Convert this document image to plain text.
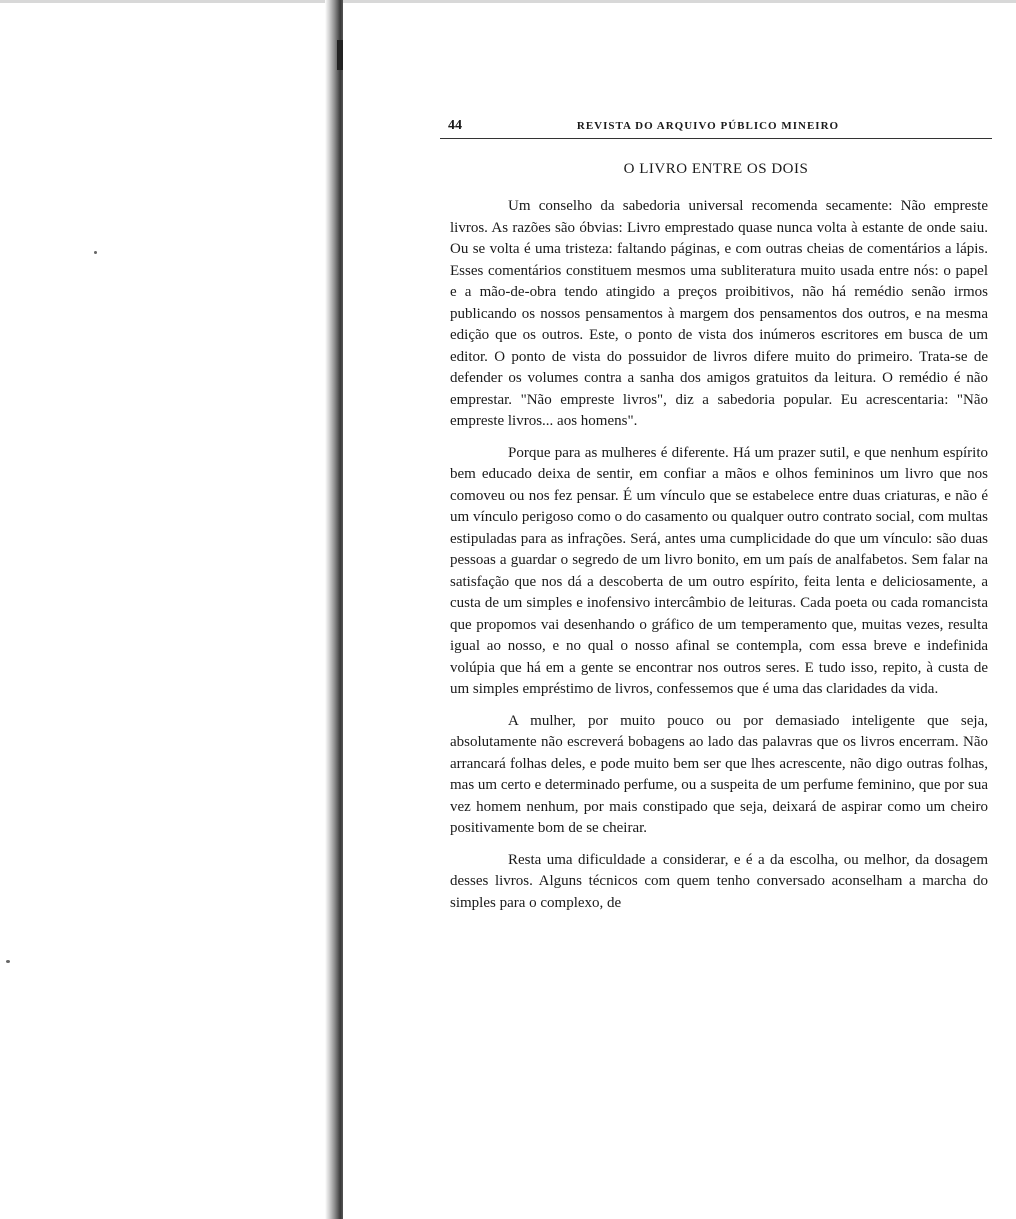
44	REVISTA DO ARQUIVO PÚBLICO MINEIRO
O LIVRO ENTRE OS DOIS

Um conselho da sabedoria universal recomenda secamente: Não empreste livros. As razões são óbvias: Livro emprestado quase nunca volta à estante de onde saiu. Ou se volta é uma tristeza: faltando páginas, e com outras cheias de comentários a lápis. Esses comentários constituem mesmos uma subliteratura muito usada entre nós: o papel e a mão-de-obra tendo atingido a preços proibitivos, não há remédio senão irmos publicando os nossos pensamentos à margem dos pensamentos dos outros, e na mesma edição que os outros. Este, o ponto de vista dos inúmeros escritores em busca de um editor. O ponto de vista do possuidor de livros difere muito do primeiro. Trata-se de defender os volumes contra a sanha dos amigos gratuitos da leitura. O remédio é não emprestar. "Não empreste livros", diz a sabedoria popular. Eu acrescentaria: "Não empreste livros... aos homens".

Porque para as mulheres é diferente. Há um prazer sutil, e que nenhum espírito bem educado deixa de sentir, em confiar a mãos e olhos femininos um livro que nos comoveu ou nos fez pensar. É um vínculo que se estabelece entre duas criaturas, e não é um vínculo perigoso como o do casamento ou qualquer outro contrato social, com multas estipuladas para as infrações. Será, antes uma cumplicidade do que um vínculo: são duas pessoas a guardar o segredo de um livro bonito, em um país de analfabetos. Sem falar na satisfação que nos dá a descoberta de um outro espírito, feita lenta e deliciosamente, a custa de um simples e inofensivo intercâmbio de leituras. Cada poeta ou cada romancista que propomos vai desenhando o gráfico de um temperamento que, muitas vezes, resulta igual ao nosso, e no qual o nosso afinal se contempla, com essa breve e indefinida volúpia que há em a gente se encontrar nos outros seres. E tudo isso, repito, à custa de um simples empréstimo de livros, confessemos que é uma das claridades da vida.

A mulher, por muito pouco ou por demasiado inteligente que seja, absolutamente não escreverá bobagens ao lado das palavras que os livros encerram. Não arrancará folhas deles, e pode muito bem ser que lhes acrescente, não digo outras folhas, mas um certo e determinado perfume, ou a suspeita de um perfume feminino, que por sua vez homem nenhum, por mais constipado que seja, deixará de aspirar como um cheiro positivamente bom de se cheirar.

Resta uma dificuldade a considerar, e é a da escolha, ou melhor, da dosagem desses livros. Alguns técnicos com quem tenho conversado aconselham a marcha do simples para o complexo, de
